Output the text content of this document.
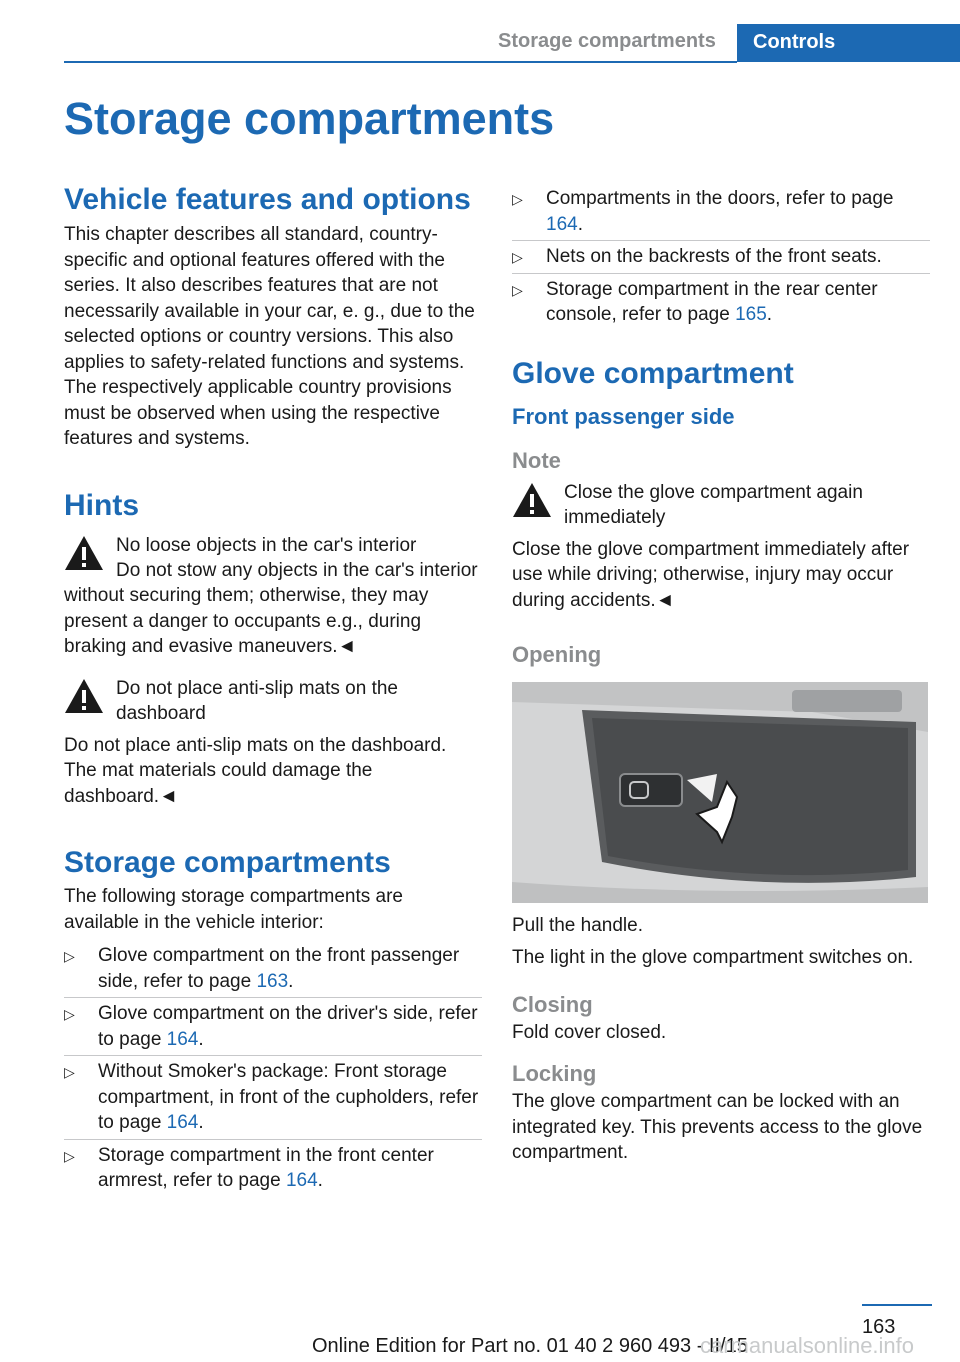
Storage compartments Controls
Storage compartments
Vehicle features and options

This chapter describes all standard, country-specific and optional features offered with the series. It also describes features that are not necessarily available in your car, e. g., due to the selected options or country versions. This also applies to safety-related functions and systems. The respectively applicable country provisions must be observed when using the respective features and systems.

Hints
No loose objects in the car's interior

Do not stow any objects in the car's interior without securing them; otherwise, they may present a danger to occupants e.g., during braking and evasive maneuvers.◄

Do not place anti-slip mats on the dashboard

Do not place anti-slip mats on the dashboard. The mat materials could damage the dashboard.◄

Storage compartments

The following storage compartments are available in the vehicle interior:

▷ Glove compartment on the front passenger side, refer to page 163.
▷ Glove compartment on the driver's side, refer to page 164.
▷ Without Smoker's package: Front storage compartment, in front of the cupholders, refer to page 164.
▷ Storage compartment in the front center armrest, refer to page 164.
▷ Compartments in the doors, refer to page 164.
▷ Nets on the backrests of the front seats.
▷ Storage compartment in the rear center console, refer to page 165.
Glove compartment
Front passenger side
Note
Close the glove compartment again immediately

Close the glove compartment immediately after use while driving; otherwise, injury may occur during accidents.◄

Opening

Pull the handle.

The light in the glove compartment switches on.

Closing

Fold cover closed.

Locking

The glove compartment can be locked with an integrated key. This prevents access to the glove compartment.

163
Online Edition for Part no. 01 40 2 960 493 - II/15
carmanualsonline.info
